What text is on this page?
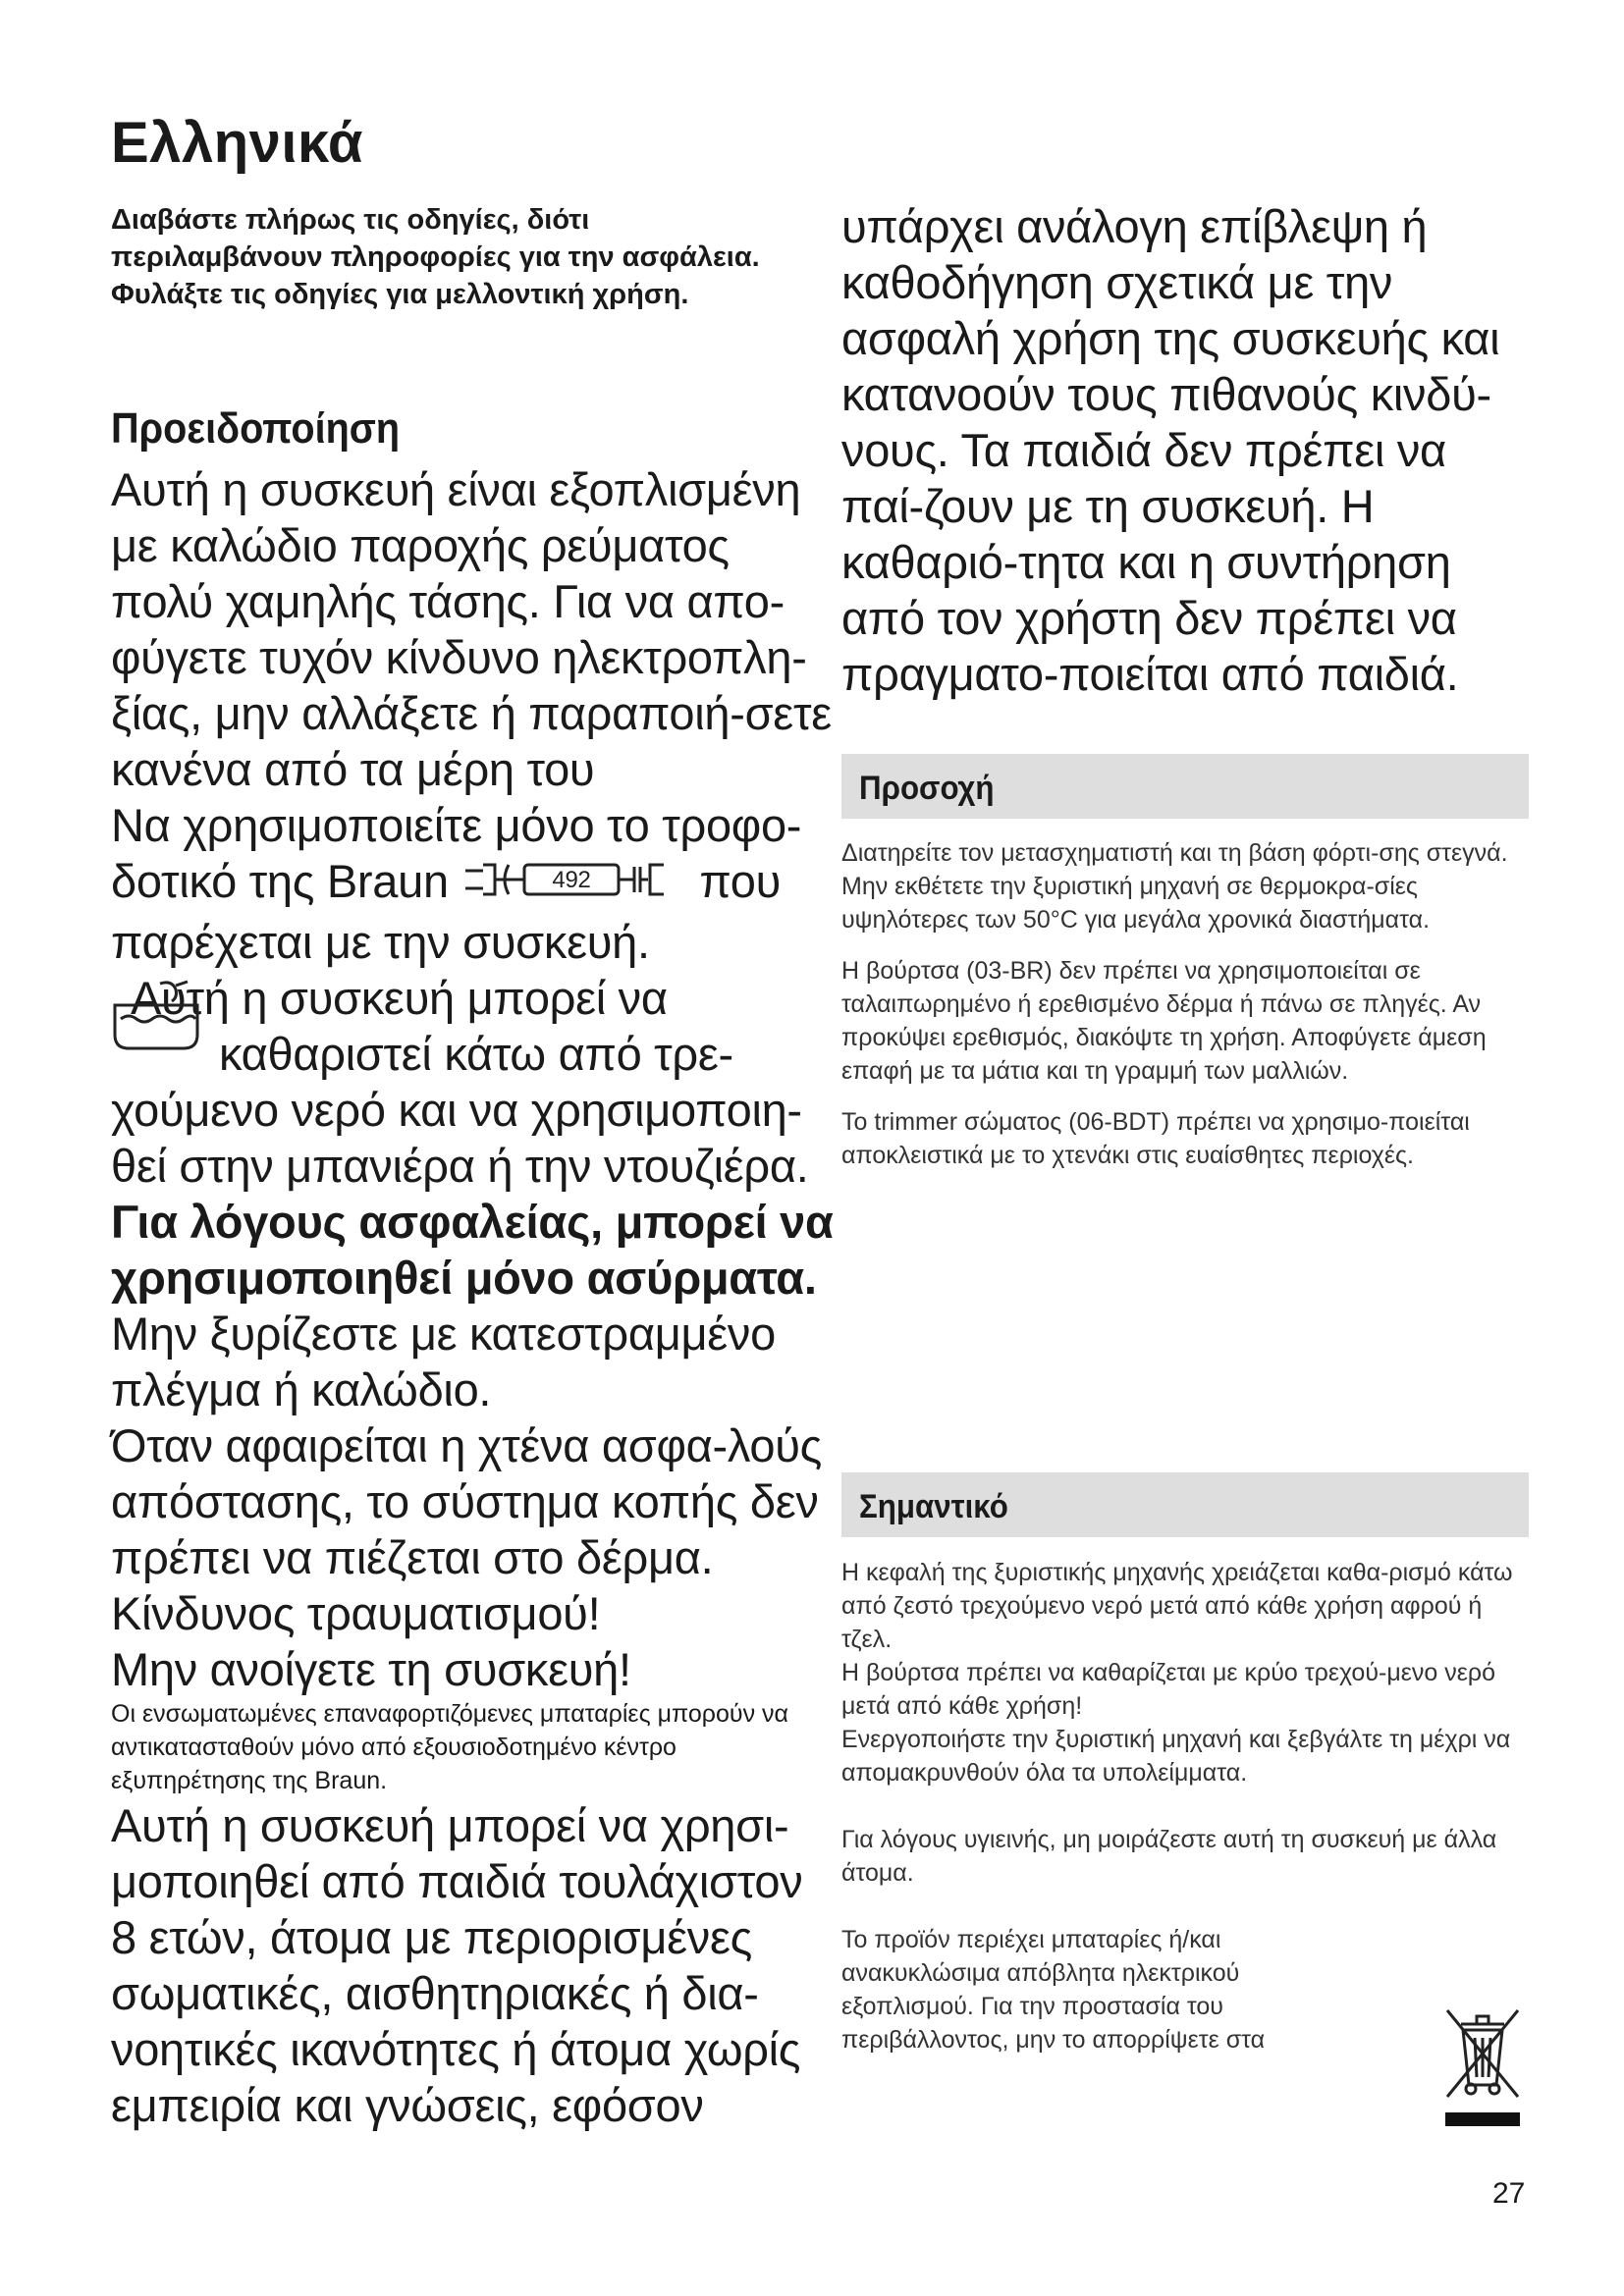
Ελληνικά
Διαβάστε πλήρως τις οδηγίες, διότι περιλαμβάνουν πληροφορίες για την ασφάλεια. Φυλάξτε τις οδηγίες για μελλοντική χρήση.
Προειδοποίηση

Αυτή η συσκευή είναι εξοπλισμένη με καλώδιο παροχής ρεύματος πολύ χαμηλής τάσης. Για να απο-φύγετε τυχόν κίνδυνο ηλεκτροπλη-ξίας, μην αλλάξετε ή παραποιή-σετε κανένα από τα μέρη του

Να χρησιμοποιείτε μόνο το τροφο-δοτικό της Braun	492 που παρέχεται με την συσκευή.

Αυτή η συσκευή μπορεί να

καθαριστεί κάτω από τρε-

χούμενο νερό και να χρησιμοποιη-θεί στην μπανιέρα ή την ντουζιέρα.

Για λόγους ασφαλείας, μπορεί να χρησιμοποιηθεί μόνο ασύρματα.

Μην ξυρίζεστε με κατεστραμμένο πλέγμα ή καλώδιο.

Όταν αφαιρείται η χτένα ασφα-λούς απόστασης, το σύστημα κοπής δεν πρέπει να πιέζεται στο δέρμα. Κίνδυνος τραυματισμού!

Μην ανοίγετε τη συσκευή!

Οι ενσωματωμένες επαναφορτιζόμενες μπαταρίες μπορούν να αντικατασταθούν μόνο από εξουσιοδοτημένο κέντρο εξυπηρέτησης της Braun.

Αυτή η συσκευή μπορεί να χρησι-μοποιηθεί από παιδιά τουλάχιστον 8 ετών, άτομα με περιορισμένες σωματικές, αισθητηριακές ή δια-νοητικές ικανότητες ή άτομα χωρίς εμπειρία και γνώσεις, εφόσον

υπάρχει ανάλογη επίβλεψη ή καθοδήγηση σχετικά με την ασφαλή χρήση της συσκευής και κατανοούν τους πιθανούς κινδύ-νους. Τα παιδιά δεν πρέπει να παί-ζουν με τη συσκευή. Η καθαριό-τητα και η συντήρηση από τον χρήστη δεν πρέπει να πραγματο-ποιείται από παιδιά.

Προσοχή

Διατηρείτε τον μετασχηματιστή και τη βάση φόρτι-σης στεγνά.

Μην εκθέτετε την ξυριστική μηχανή σε θερμοκρα-σίες υψηλότερες των 50°C για μεγάλα χρονικά διαστήματα.

Η βούρτσα (03-BR) δεν πρέπει να χρησιμοποιείται σε ταλαιπωρημένο ή ερεθισμένο δέρμα ή πάνω σε πληγές. Αν προκύψει ερεθισμός, διακόψτε τη χρήση. Αποφύγετε άμεση επαφή με τα μάτια και τη γραμμή των μαλλιών.

Το trimmer σώματος (06-BDT) πρέπει να χρησιμο-ποιείται αποκλειστικά με το χτενάκι στις ευαίσθητες περιοχές.

Σημαντικό

Η κεφαλή της ξυριστικής μηχανής χρειάζεται καθα-ρισμό κάτω από ζεστό τρεχούμενο νερό μετά από κάθε χρήση αφρού ή τζελ.

Η βούρτσα πρέπει να καθαρίζεται με κρύο τρεχού-μενο νερό μετά από κάθε χρήση!

Ενεργοποιήστε την ξυριστική μηχανή και ξεβγάλτε τη μέχρι να απομακρυνθούν όλα τα υπολείμματα.

Για λόγους υγιεινής, μη μοιράζεστε αυτή τη συσκευή με άλλα άτομα.

Το προϊόν περιέχει μπαταρίες ή/και ανακυκλώσιμα απόβλητα ηλεκτρικού εξοπλισμού. Για την προστασία του περιβάλλοντος, μην το απορρίψετε στα

27
